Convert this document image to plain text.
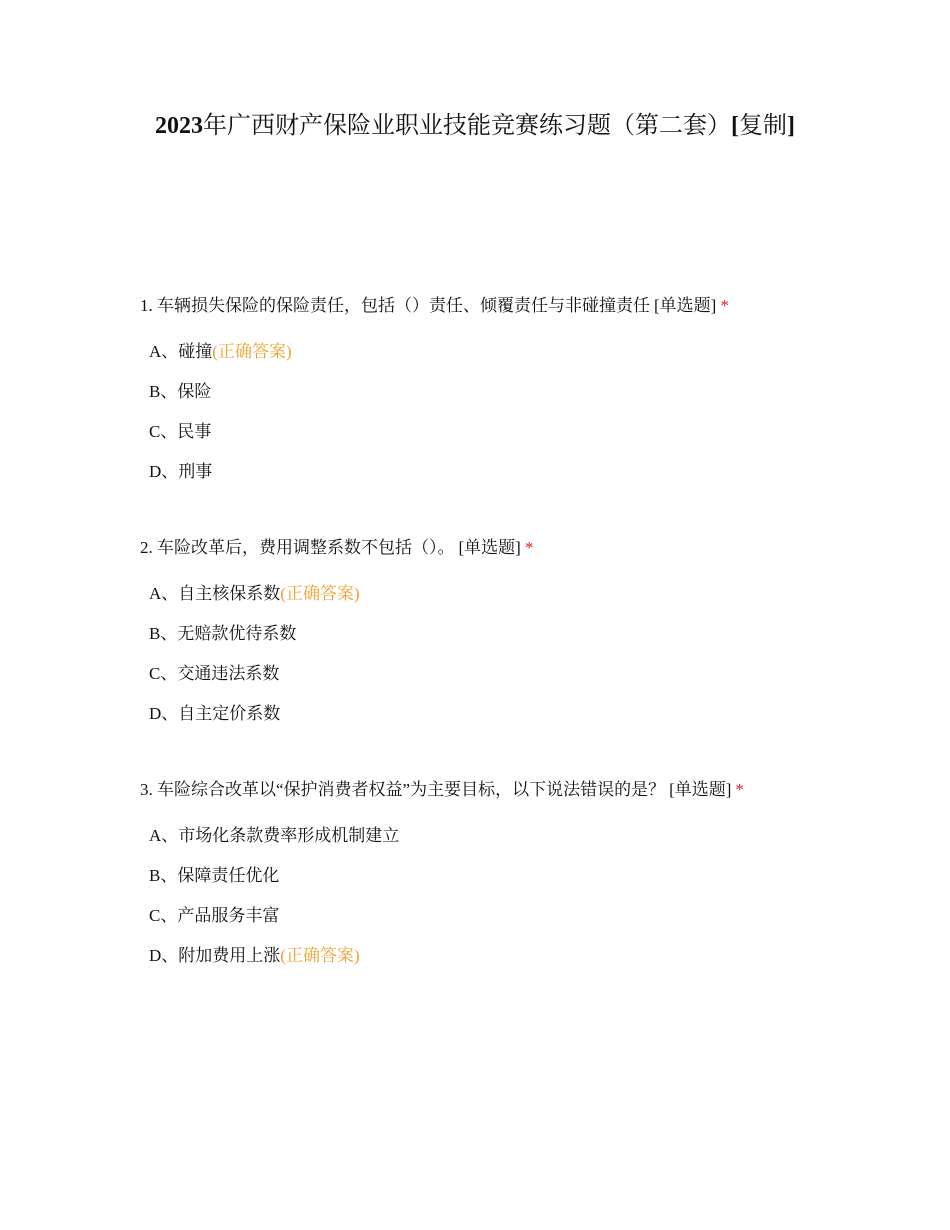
2023年广西财产保险业职业技能竞赛练习题（第二套）[复制]
1. 车辆损失保险的保险责任，包括（）责任、倾覆责任与非碰撞责任 [单选题] *
A、碰撞(正确答案)
B、保险
C、民事
D、刑事
2. 车险改革后，费用调整系数不包括（）。 [单选题] *
A、自主核保系数(正确答案)
B、无赔款优待系数
C、交通违法系数
D、自主定价系数
3. 车险综合改革以“保护消费者权益”为主要目标，以下说法错误的是？ [单选题] *
A、市场化条款费率形成机制建立
B、保障责任优化
C、产品服务丰富
D、附加费用上涨(正确答案)
